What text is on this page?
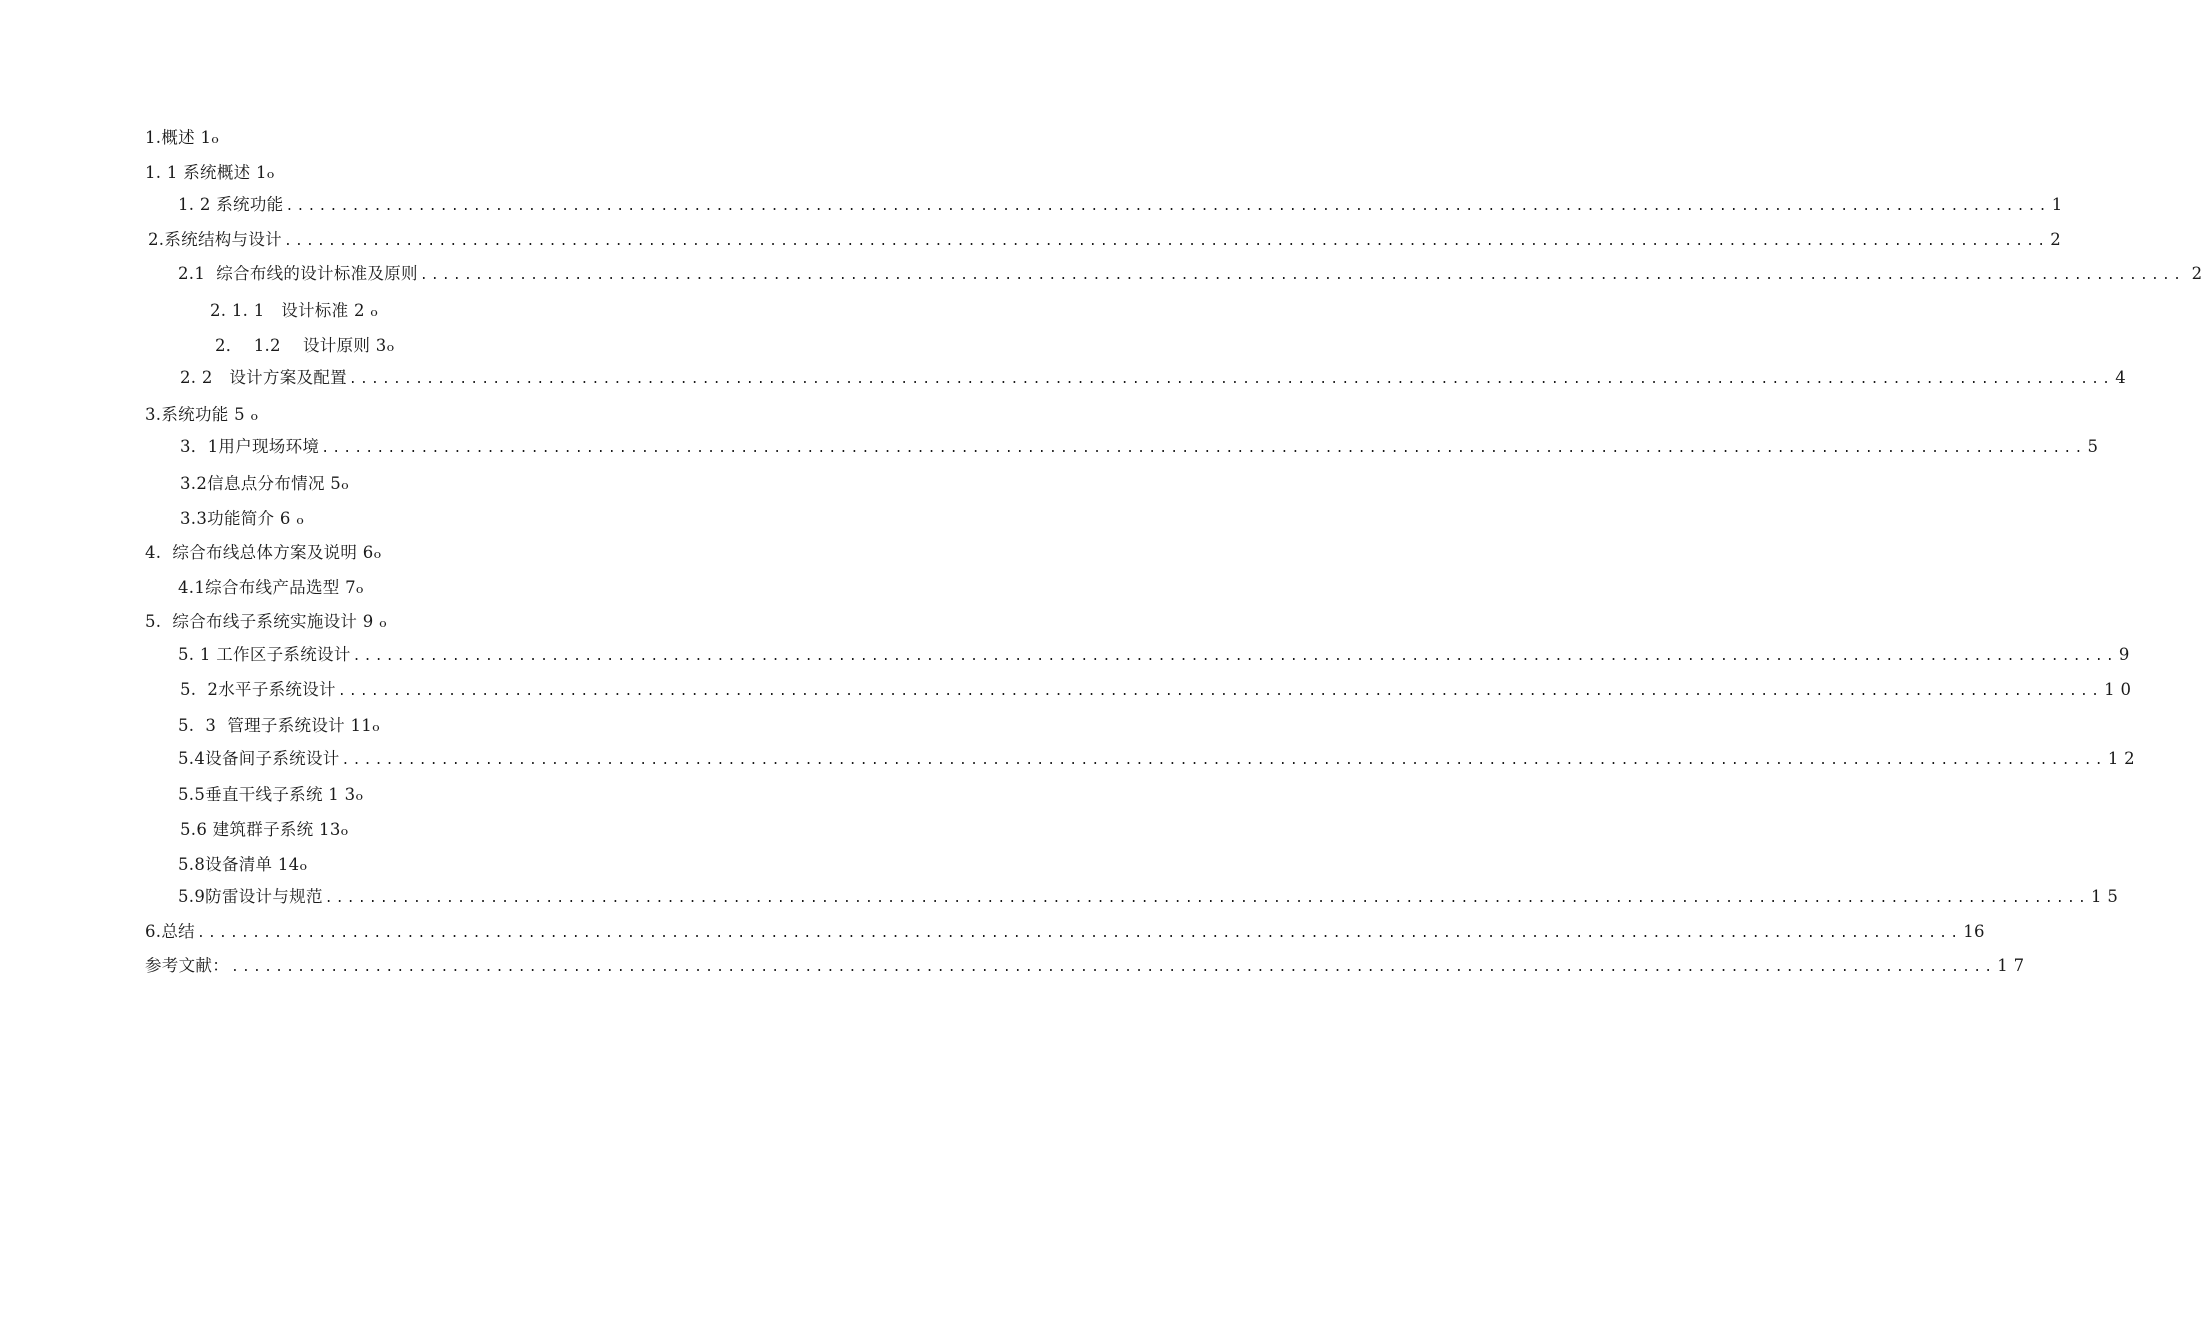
1.概述 1 ₒ
1. 1 系统概述 1 ₒ
1. 2 系统功能 ................................................................................................................................................................ 1
2.系统结构与设计 ................................................................................................................................................................ 2
2.1  综合布线的设计标准及原则 ................................................................................................................................................................ 2
2. 1. 1   设计标准 2 ₒ
2．  1.2    设计原则 3 ₒ
2. 2   设计方案及配置 ................................................................................................................................................................ 4
3.系统功能 5 ₒ
3．1用户现场环境 ................................................................................................................................................................ 5
3.2信息点分布情况 5 ₒ
3.3功能简介 6 ₒ
4.  综合布线总体方案及说明 6 ₒ
4.1综合布线产品选型 7 ₒ
5.  综合布线子系统实施设计 9 ₒ
5. 1 工作区子系统设计 ................................................................................................................................................................ 9
5.  2水平子系统设计 ................................................................................................................................................................ 1 0
5.  3  管理子系统设计 11 ₒ
5.4设备间子系统设计 ................................................................................................................................................................ 1 2
5.5垂直干线子系统 1 3 ₒ
5.6 建筑群子系统 13 ₒ
5.8设备清单 14 ₒ
5.9防雷设计与规范 ................................................................................................................................................................ 1 5
6.总结 ................................................................................................................................................................ 16
参考文献： ................................................................................................................................................................ 1 7
